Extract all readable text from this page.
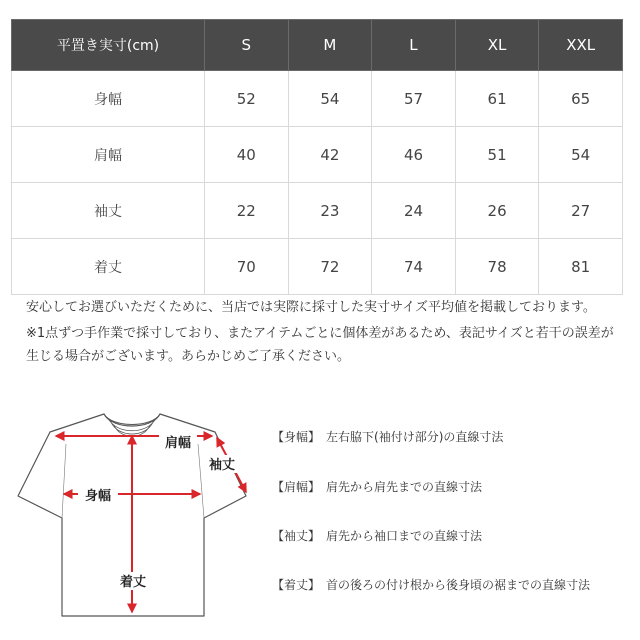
平置き実寸(cm)	S	M	L	XL	XXL
身幅	52	54	57	61	65
肩幅	40	42	46	51	54
袖丈	22	23	24	26	27
着丈	70	72	74	78	81

安心してお選びいただくために、当店では実際に採寸した実寸サイズ平均値を掲載しております。

※1点ずつ手作業で採寸しており、またアイテムごとに個体差があるため、表記サイズと若干の誤差が生じる場合がございます。あらかじめご了承ください。

肩幅
袖丈
身幅
着丈
【身幅】 左右脇下(袖付け部分)の直線寸法
【肩幅】 肩先から肩先までの直線寸法
【袖丈】 肩先から袖口までの直線寸法
【着丈】 首の後ろの付け根から後身頃の裾までの直線寸法
